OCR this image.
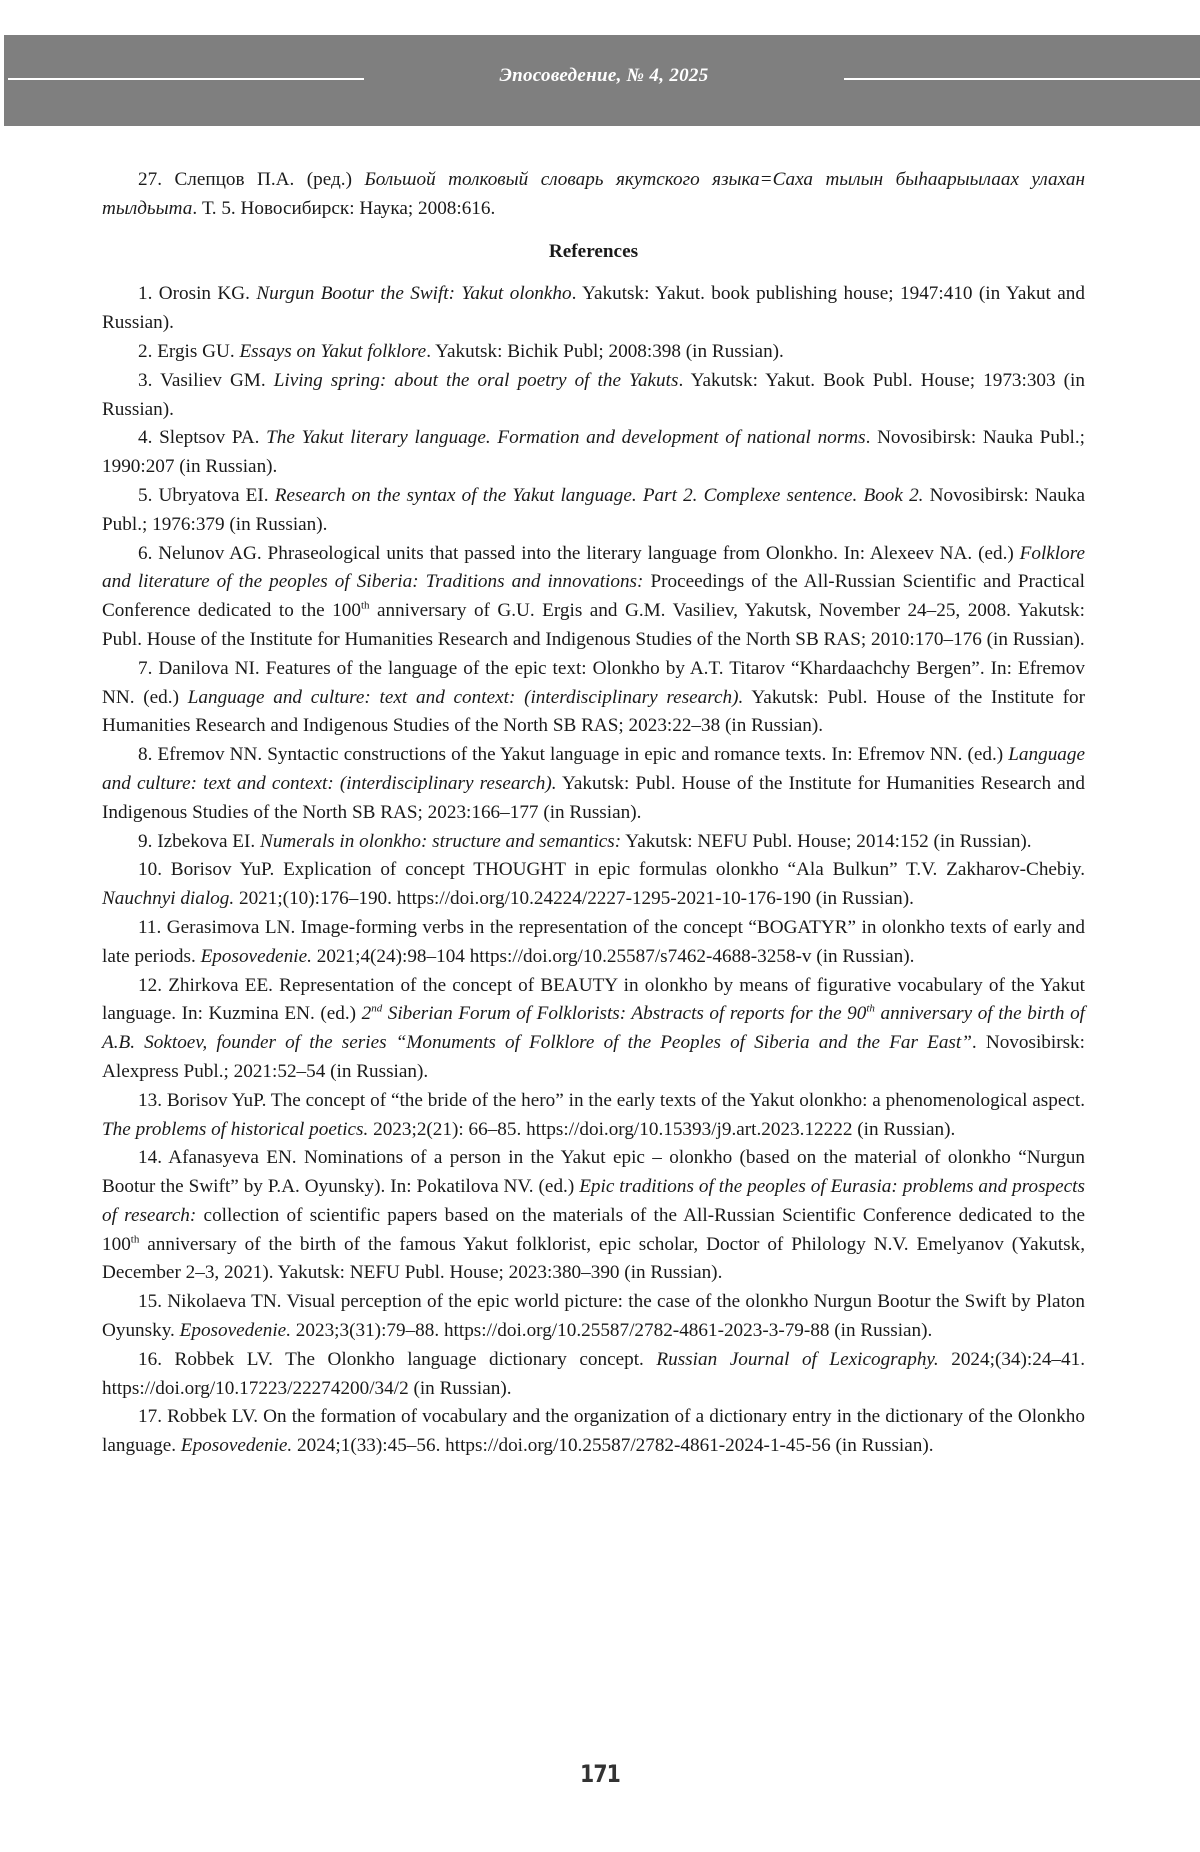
Эпосоведение, № 4, 2025

27. Слепцов П.А. (ред.) Большой толковый словарь якутского языка=Саха тылын быhаарыылаах улахан тылдьыта. Т. 5. Новосибирск: Наука; 2008:616.

References

1. Orosin KG. Nurgun Bootur the Swift: Yakut olonkho. Yakutsk: Yakut. book publishing house; 1947:410 (in Yakut and Russian).

2. Ergis GU. Essays on Yakut folklore. Yakutsk: Bichik Publ; 2008:398 (in Russian).

3. Vasiliev GM. Living spring: about the oral poetry of the Yakuts. Yakutsk: Yakut. Book Publ. House; 1973:303 (in Russian).

4. Sleptsov PA. The Yakut literary language. Formation and development of national norms. Novosibirsk: Nauka Publ.; 1990:207 (in Russian).

5. Ubryatova EI. Research on the syntax of the Yakut language. Part 2. Complexe sentence. Book 2. Novosibirsk: Nauka Publ.; 1976:379 (in Russian).

6. Nelunov AG. Phraseological units that passed into the literary language from Olonkho. In: Alexeev NA. (ed.) Folklore and literature of the peoples of Siberia: Traditions and innovations: Proceedings of the All-Russian Scientific and Practical Conference dedicated to the 100th anniversary of G.U. Ergis and G.M. Vasiliev, Yakutsk, November 24–25, 2008. Yakutsk: Publ. House of the Institute for Humanities Research and Indigenous Studies of the North SB RAS; 2010:170–176 (in Russian).

7. Danilova NI. Features of the language of the epic text: Olonkho by A.T. Titarov “Khardaachchy Bergen”. In: Efremov NN. (ed.) Language and culture: text and context: (interdisciplinary research). Yakutsk: Publ. House of the Institute for Humanities Research and Indigenous Studies of the North SB RAS; 2023:22–38 (in Russian).

8. Efremov NN. Syntactic constructions of the Yakut language in epic and romance texts. In: Efremov NN. (ed.) Language and culture: text and context: (interdisciplinary research). Yakutsk: Publ. House of the Institute for Humanities Research and Indigenous Studies of the North SB RAS; 2023:166–177 (in Russian).

9. Izbekova EI. Numerals in olonkho: structure and semantics: Yakutsk: NEFU Publ. House; 2014:152 (in Russian).

10. Borisov YuP. Explication of concept THOUGHT in epic formulas olonkho “Ala Bulkun” T.V. Zakharov-Chebiy. Nauchnyi dialog. 2021;(10):176–190. https://doi.org/10.24224/2227-1295-2021-10-176-190 (in Russian).

11. Gerasimova LN. Image-forming verbs in the representation of the concept “BOGATYR” in olonkho texts of early and late periods. Eposovedenie. 2021;4(24):98–104 https://doi.org/10.25587/s7462-4688-3258-v (in Russian).

12. Zhirkova EE. Representation of the concept of BEAUTY in olonkho by means of figurative vocabulary of the Yakut language. In: Kuzmina EN. (ed.) 2nd Siberian Forum of Folklorists: Abstracts of reports for the 90th anniversary of the birth of A.B. Soktoev, founder of the series “Monuments of Folklore of the Peoples of Siberia and the Far East”. Novosibirsk: Alexpress Publ.; 2021:52–54 (in Russian).

13. Borisov YuP. The concept of “the bride of the hero” in the early texts of the Yakut olonkho: a phenomenological aspect. The problems of historical poetics. 2023;2(21): 66–85. https://doi.org/10.15393/j9.art.2023.12222 (in Russian).

14. Afanasyeva EN. Nominations of a person in the Yakut epic – olonkho (based on the material of olonkho “Nurgun Bootur the Swift” by P.A. Oyunsky). In: Pokatilova NV. (ed.) Epic traditions of the peoples of Eurasia: problems and prospects of research: collection of scientific papers based on the materials of the All-Russian Scientific Conference dedicated to the 100th anniversary of the birth of the famous Yakut folklorist, epic scholar, Doctor of Philology N.V. Emelyanov (Yakutsk, December 2–3, 2021). Yakutsk: NEFU Publ. House; 2023:380–390 (in Russian).

15. Nikolaeva TN. Visual perception of the epic world picture: the case of the olonkho Nurgun Bootur the Swift by Platon Oyunsky. Eposovedenie. 2023;3(31):79–88. https://doi.org/10.25587/2782-4861-2023-3-79-88 (in Russian).

16. Robbek LV. The Olonkho language dictionary concept. Russian Journal of Lexicography. 2024;(34):24–41. https://doi.org/10.17223/22274200/34/2 (in Russian).

17. Robbek LV. On the formation of vocabulary and the organization of a dictionary entry in the dictionary of the Olonkho language. Eposovedenie. 2024;1(33):45–56. https://doi.org/10.25587/2782-4861-2024-1-45-56 (in Russian).

171
